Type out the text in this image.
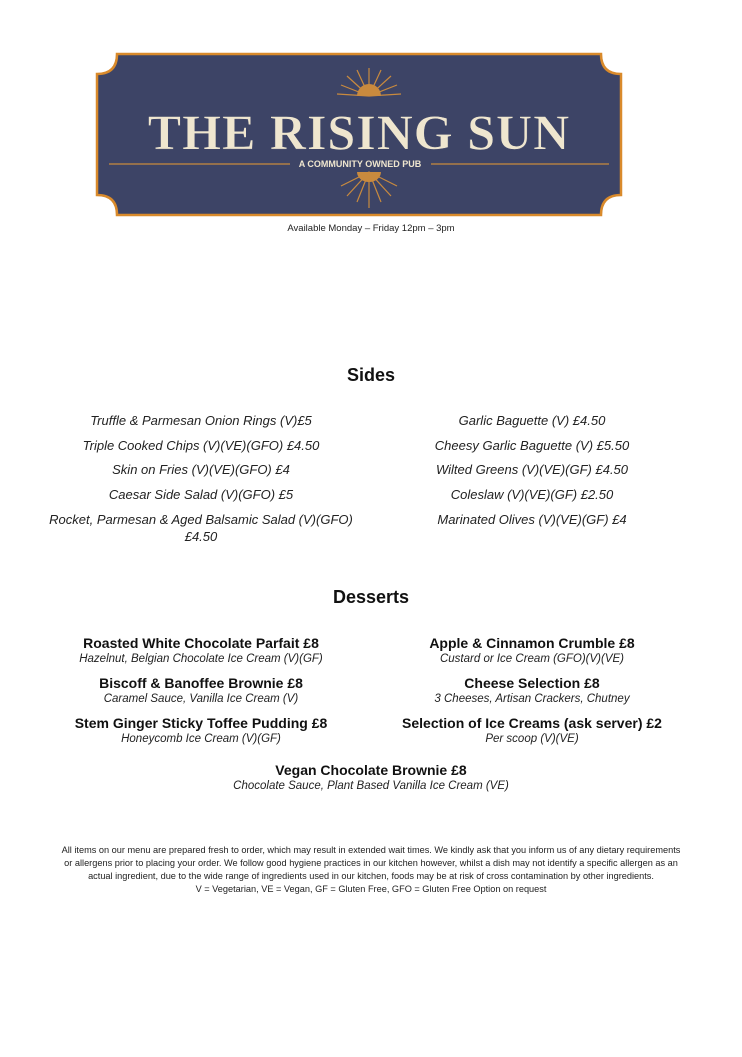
THE RISING SUN
A COMMUNITY OWNED PUB
Available Monday – Friday 12pm – 3pm
Sides
Truffle & Parmesan Onion Rings (V)£5
Triple Cooked Chips (V)(VE)(GFO) £4.50
Skin on Fries (V)(VE)(GFO) £4
Caesar Side Salad (V)(GFO) £5
Rocket, Parmesan & Aged Balsamic Salad (V)(GFO) £4.50
Garlic Baguette (V) £4.50
Cheesy Garlic Baguette (V) £5.50
Wilted Greens (V)(VE)(GF) £4.50
Coleslaw (V)(VE)(GF) £2.50
Marinated Olives (V)(VE)(GF) £4
Desserts
Roasted White Chocolate Parfait £8
Hazelnut, Belgian Chocolate Ice Cream (V)(GF)
Biscoff & Banoffee Brownie £8
Caramel Sauce, Vanilla Ice Cream (V)
Stem Ginger Sticky Toffee Pudding £8
Honeycomb Ice Cream (V)(GF)
Apple & Cinnamon Crumble £8
Custard or Ice Cream (GFO)(V)(VE)
Cheese Selection £8
3 Cheeses, Artisan Crackers, Chutney
Selection of Ice Creams (ask server) £2
Per scoop (V)(VE)
Vegan Chocolate Brownie £8
Chocolate Sauce, Plant Based Vanilla Ice Cream (VE)

All items on our menu are prepared fresh to order, which may result in extended wait times. We kindly ask that you inform us of any dietary requirements

or allergens prior to placing your order. We follow good hygiene practices in our kitchen however, whilst a dish may not identify a specific allergen as an

actual ingredient, due to the wide range of ingredients used in our kitchen, foods may be at risk of cross contamination by other ingredients.

V = Vegetarian, VE = Vegan, GF = Gluten Free, GFO = Gluten Free Option on request
